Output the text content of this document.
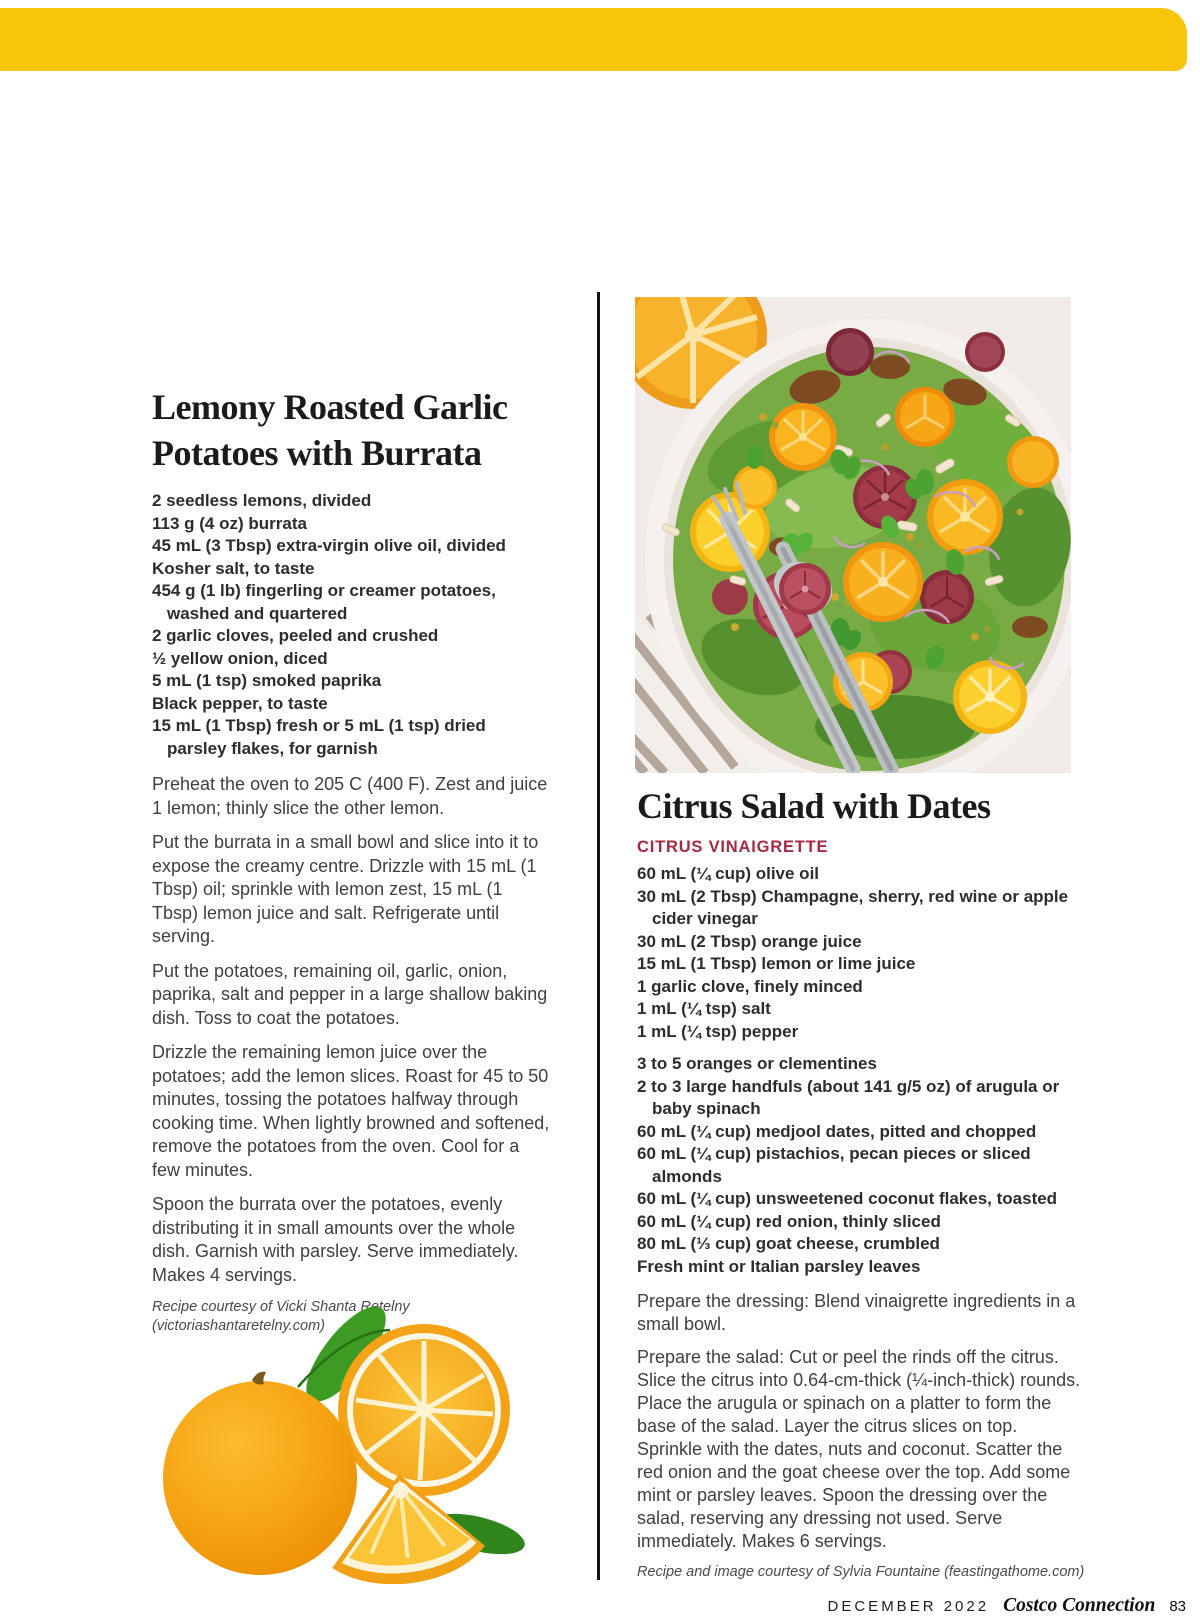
Lemony Roasted Garlic
Potatoes with Burrata
2 seedless lemons, divided
113 g (4 oz) burrata
45 mL (3 Tbsp) extra-virgin olive oil, divided
Kosher salt, to taste
454 g (1 lb) fingerling or creamer potatoes, washed and quartered
2 garlic cloves, peeled and crushed
½ yellow onion, diced
5 mL (1 tsp) smoked paprika
Black pepper, to taste
15 mL (1 Tbsp) fresh or 5 mL (1 tsp) dried parsley flakes, for garnish

Preheat the oven to 205 C (400 F). Zest and juice 1 lemon; thinly slice the other lemon.

Put the burrata in a small bowl and slice into it to expose the creamy centre. Drizzle with 15 mL (1 Tbsp) oil; sprinkle with lemon zest, 15 mL (1 Tbsp) lemon juice and salt. Refrigerate until serving.

Put the potatoes, remaining oil, garlic, onion, paprika, salt and pepper in a large shallow baking dish. Toss to coat the potatoes.

Drizzle the remaining lemon juice over the potatoes; add the lemon slices. Roast for 45 to 50 minutes, tossing the potatoes halfway through cooking time. When lightly browned and softened, remove the potatoes from the oven. Cool for a few minutes.

Spoon the burrata over the potatoes, evenly distributing it in small amounts over the whole dish. Garnish with parsley. Serve immediately. Makes 4 servings.

Recipe courtesy of Vicki Shanta Retelny
(victoriashantaretelny.com)
Citrus Salad with Dates
CITRUS VINAIGRETTE
60 mL (¼ cup) olive oil
30 mL (2 Tbsp) Champagne, sherry, red wine or apple cider vinegar
30 mL (2 Tbsp) orange juice
15 mL (1 Tbsp) lemon or lime juice
1 garlic clove, finely minced
1 mL (¼ tsp) salt
1 mL (¼ tsp) pepper
3 to 5 oranges or clementines
2 to 3 large handfuls (about 141 g/5 oz) of arugula or baby spinach
60 mL (¼ cup) medjool dates, pitted and chopped
60 mL (¼ cup) pistachios, pecan pieces or sliced almonds
60 mL (¼ cup) unsweetened coconut flakes, toasted
60 mL (¼ cup) red onion, thinly sliced
80 mL (⅓ cup) goat cheese, crumbled
Fresh mint or Italian parsley leaves

Prepare the dressing: Blend vinaigrette ingredients in a small bowl.

Prepare the salad: Cut or peel the rinds off the citrus. Slice the citrus into 0.64-cm-thick (¼-inch-thick) rounds. Place the arugula or spinach on a platter to form the base of the salad. Layer the citrus slices on top. Sprinkle with the dates, nuts and coconut. Scatter the red onion and the goat cheese over the top. Add some mint or parsley leaves. Spoon the dressing over the salad, reserving any dressing not used. Serve immediately. Makes 6 servings.

Recipe and image courtesy of Sylvia Fountaine (feastingathome.com)
DECEMBER 2022 Costco Connection 83
